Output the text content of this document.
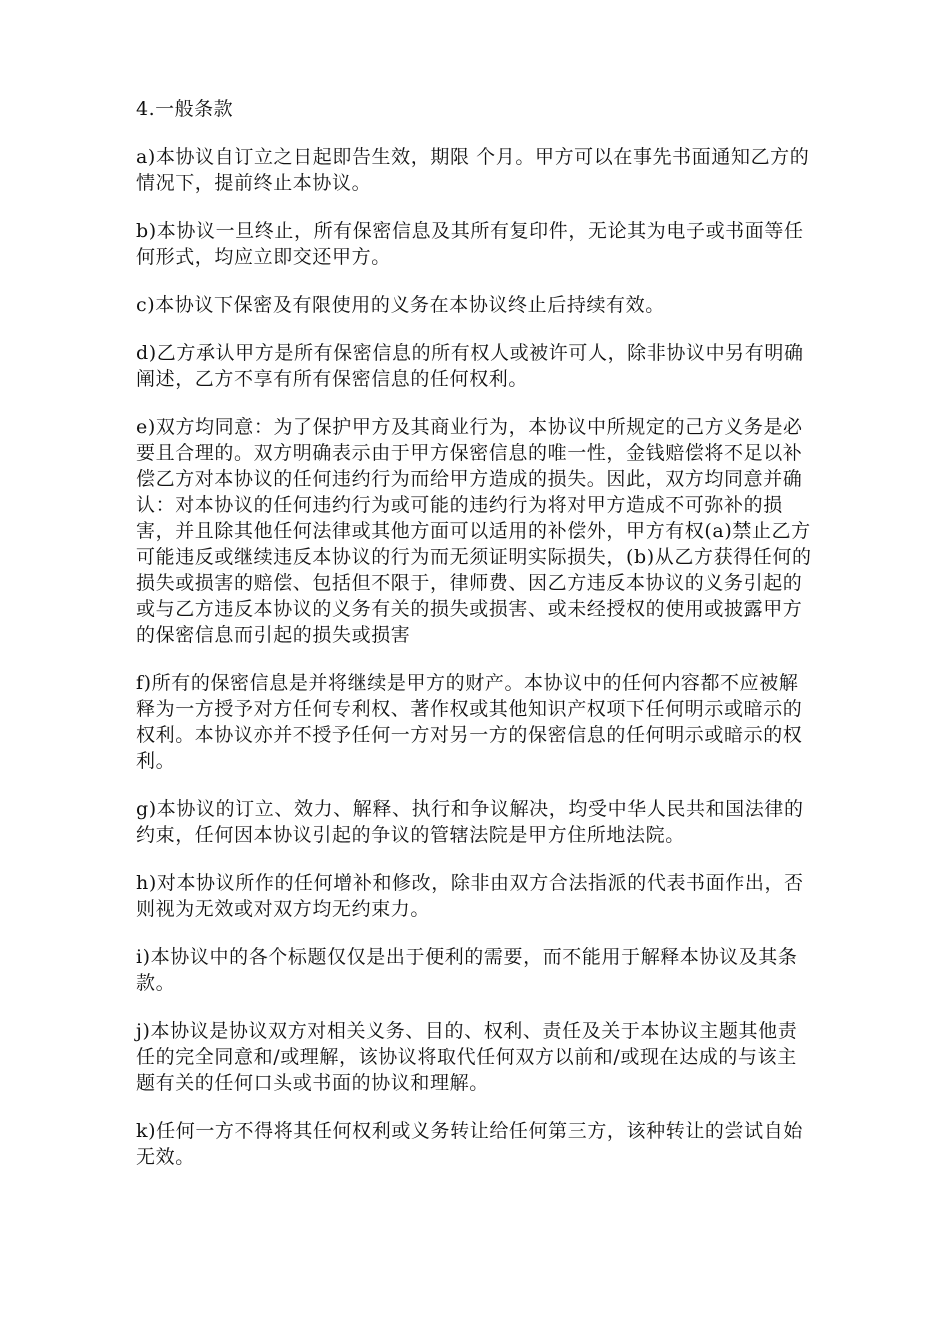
4.一般条款
a)本协议自订立之日起即告生效，期限 个月。甲方可以在事先书面通知乙方的情况下，提前终止本协议。
b)本协议一旦终止，所有保密信息及其所有复印件，无论其为电子或书面等任何形式，均应立即交还甲方。
c)本协议下保密及有限使用的义务在本协议终止后持续有效。
d)乙方承认甲方是所有保密信息的所有权人或被许可人，除非协议中另有明确阐述，乙方不享有所有保密信息的任何权利。
e)双方均同意：为了保护甲方及其商业行为，本协议中所规定的己方义务是必要且合理的。双方明确表示由于甲方保密信息的唯一性，金钱赔偿将不足以补偿乙方对本协议的任何违约行为而给甲方造成的损失。因此，双方均同意并确认：对本协议的任何违约行为或可能的违约行为将对甲方造成不可弥补的损害，并且除其他任何法律或其他方面可以适用的补偿外，甲方有权(a)禁止乙方可能违反或继续违反本协议的行为而无须证明实际损失，(b)从乙方获得任何的损失或损害的赔偿、包括但不限于，律师费、因乙方违反本协议的义务引起的或与乙方违反本协议的义务有关的损失或损害、或未经授权的使用或披露甲方的保密信息而引起的损失或损害
f)所有的保密信息是并将继续是甲方的财产。本协议中的任何内容都不应被解释为一方授予对方任何专利权、著作权或其他知识产权项下任何明示或暗示的权利。本协议亦并不授予任何一方对另一方的保密信息的任何明示或暗示的权利。
g)本协议的订立、效力、解释、执行和争议解决，均受中华人民共和国法律的约束，任何因本协议引起的争议的管辖法院是甲方住所地法院。
h)对本协议所作的任何增补和修改，除非由双方合法指派的代表书面作出，否则视为无效或对双方均无约束力。
i)本协议中的各个标题仅仅是出于便利的需要，而不能用于解释本协议及其条款。
j)本协议是协议双方对相关义务、目的、权利、责任及关于本协议主题其他责任的完全同意和/或理解，该协议将取代任何双方以前和/或现在达成的与该主题有关的任何口头或书面的协议和理解。
k)任何一方不得将其任何权利或义务转让给任何第三方，该种转让的尝试自始无效。
